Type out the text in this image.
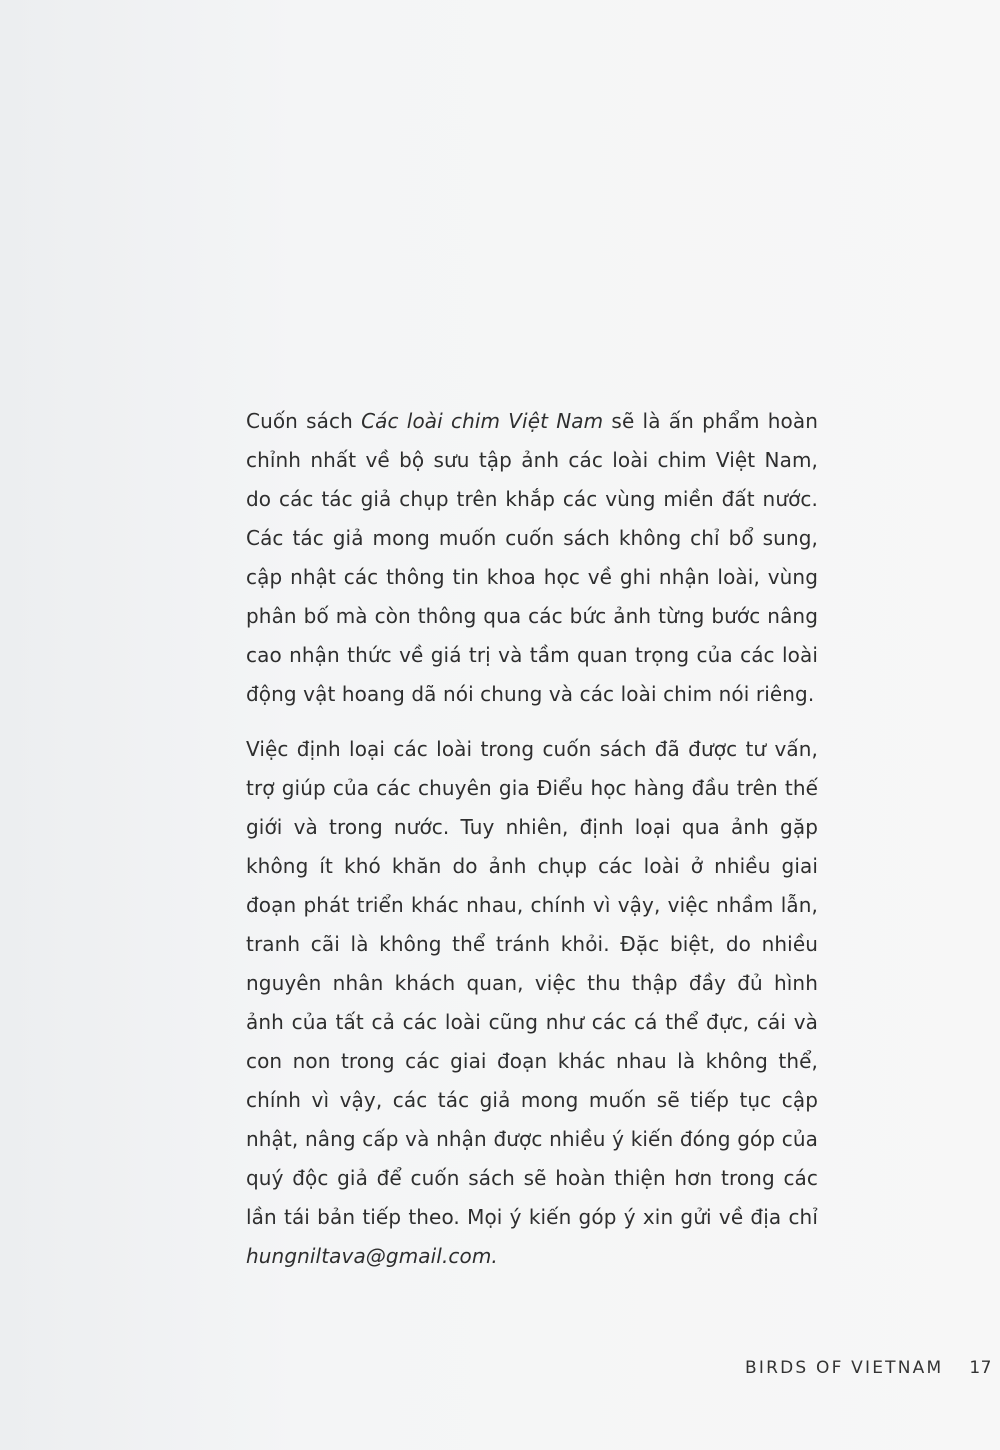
Cuốn sách Các loài chim Việt Nam sẽ là ấn phẩm hoàn chỉnh nhất về bộ sưu tập ảnh các loài chim Việt Nam, do các tác giả chụp trên khắp các vùng miền đất nước. Các tác giả mong muốn cuốn sách không chỉ bổ sung, cập nhật các thông tin khoa học về ghi nhận loài, vùng phân bố mà còn thông qua các bức ảnh từng bước nâng cao nhận thức về giá trị và tầm quan trọng của các loài động vật hoang dã nói chung và các loài chim nói riêng.

Việc định loại các loài trong cuốn sách đã được tư vấn, trợ giúp của các chuyên gia Điểu học hàng đầu trên thế giới và trong nước. Tuy nhiên, định loại qua ảnh gặp không ít khó khăn do ảnh chụp các loài ở nhiều giai đoạn phát triển khác nhau, chính vì vậy, việc nhầm lẫn, tranh cãi là không thể tránh khỏi. Đặc biệt, do nhiều nguyên nhân khách quan, việc thu thập đầy đủ hình ảnh của tất cả các loài cũng như các cá thể đực, cái và con non trong các giai đoạn khác nhau là không thể, chính vì vậy, các tác giả mong muốn sẽ tiếp tục cập nhật, nâng cấp và nhận được nhiều ý kiến đóng góp của quý độc giả để cuốn sách sẽ hoàn thiện hơn trong các lần tái bản tiếp theo. Mọi ý kiến góp ý xin gửi về địa chỉ hungniltava@gmail.com.

BIRDS OF VIETNAM 17
